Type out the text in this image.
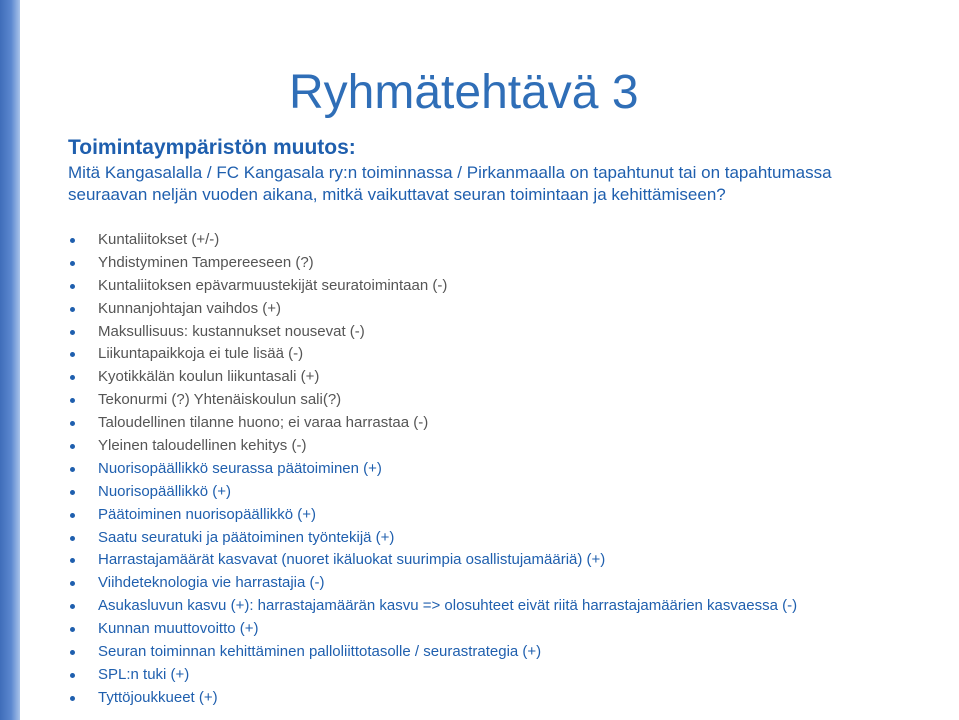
Ryhmätehtävä 3
Toimintaympäristön muutos:

Mitä Kangasalalla / FC Kangasala ry:n toiminnassa / Pirkanmaalla on tapahtunut tai on tapahtumassa seuraavan neljän vuoden aikana, mitkä vaikuttavat seuran toimintaan ja kehittämiseen?

Kuntaliitokset (+/-)
Yhdistyminen Tampereeseen (?)
Kuntaliitoksen epävarmuustekijät seuratoimintaan (-)
Kunnanjohtajan vaihdos (+)
Maksullisuus: kustannukset nousevat (-)
Liikuntapaikkoja ei tule lisää (-)
Kyotikkälän koulun liikuntasali (+)
Tekonurmi (?) Yhtenäiskoulun sali(?)
Taloudellinen tilanne huono; ei varaa harrastaa (-)
Yleinen taloudellinen kehitys (-)
Nuorisopäällikkö seurassa päätoiminen (+)
Nuorisopäällikkö (+)
Päätoiminen nuorisopäällikkö (+)
Saatu seuratuki ja päätoiminen työntekijä (+)
Harrastajamäärät kasvavat (nuoret ikäluokat suurimpia osallistujamääriä) (+)
Viihdeteknologia vie harrastajia (-)
Asukasluvun kasvu (+): harrastajamäärän kasvu => olosuhteet eivät riitä harrastajamäärien kasvaessa (-)
Kunnan muuttovoitto (+)
Seuran toiminnan kehittäminen palloliittotasolle / seurastrategia (+)
SPL:n tuki (+)
Tyttöjoukkueet (+)
